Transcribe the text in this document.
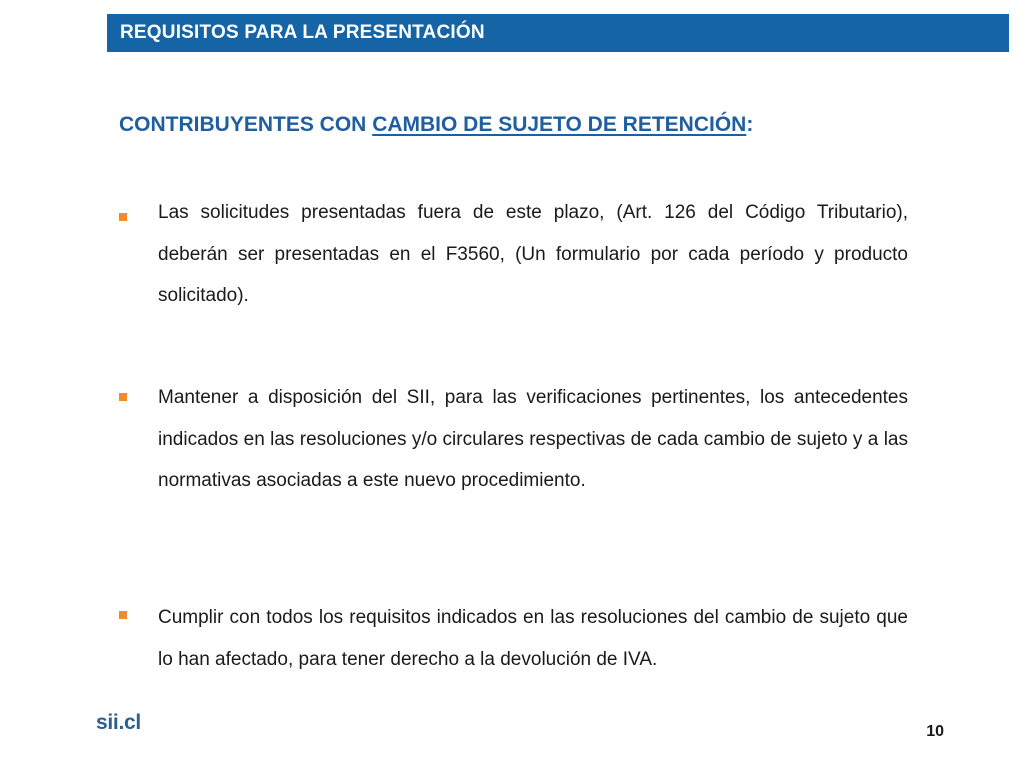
REQUISITOS PARA LA PRESENTACIÓN
CONTRIBUYENTES CON CAMBIO DE SUJETO DE RETENCIÓN:

Las solicitudes presentadas fuera de este plazo, (Art. 126 del Código Tributario), deberán ser presentadas en el F3560, (Un formulario por cada período y producto solicitado).

Mantener a disposición del SII, para las verificaciones pertinentes, los antecedentes indicados en las resoluciones y/o circulares respectivas de cada cambio de sujeto y a las normativas asociadas a este nuevo procedimiento.

Cumplir con todos los requisitos indicados en las resoluciones del cambio de sujeto que lo han afectado, para tener derecho a la devolución de IVA.

sii.cl	10
